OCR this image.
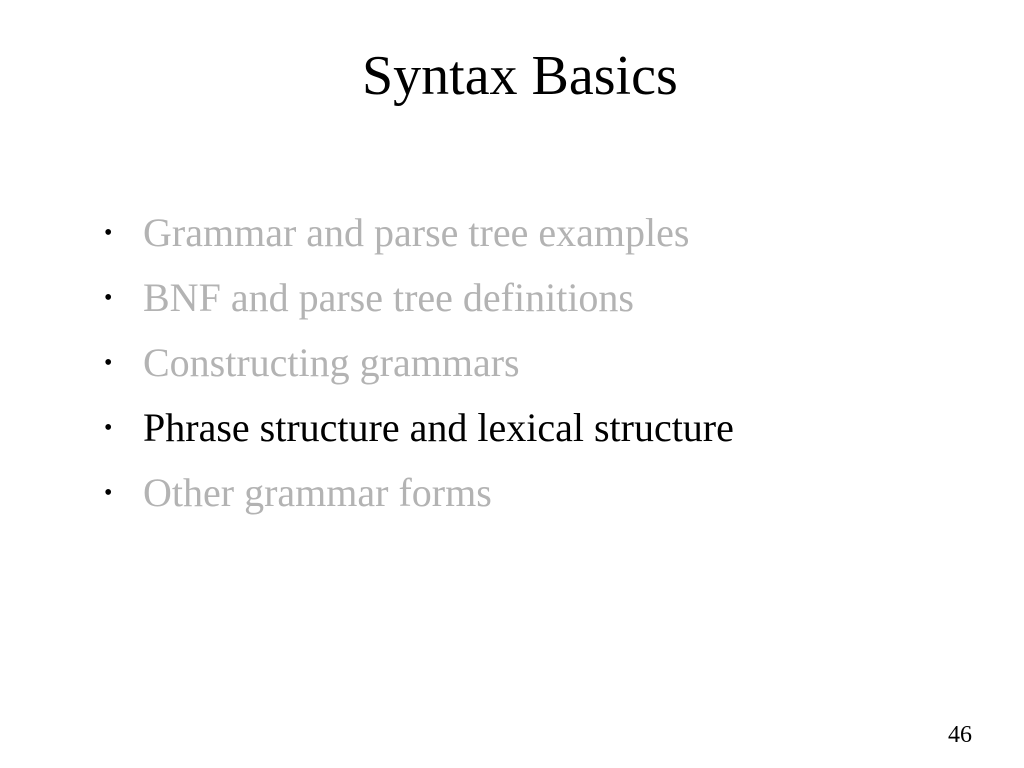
Syntax Basics
• Grammar and parse tree examples
• BNF and parse tree definitions
• Constructing grammars
• Phrase structure and lexical structure
• Other grammar forms
46
